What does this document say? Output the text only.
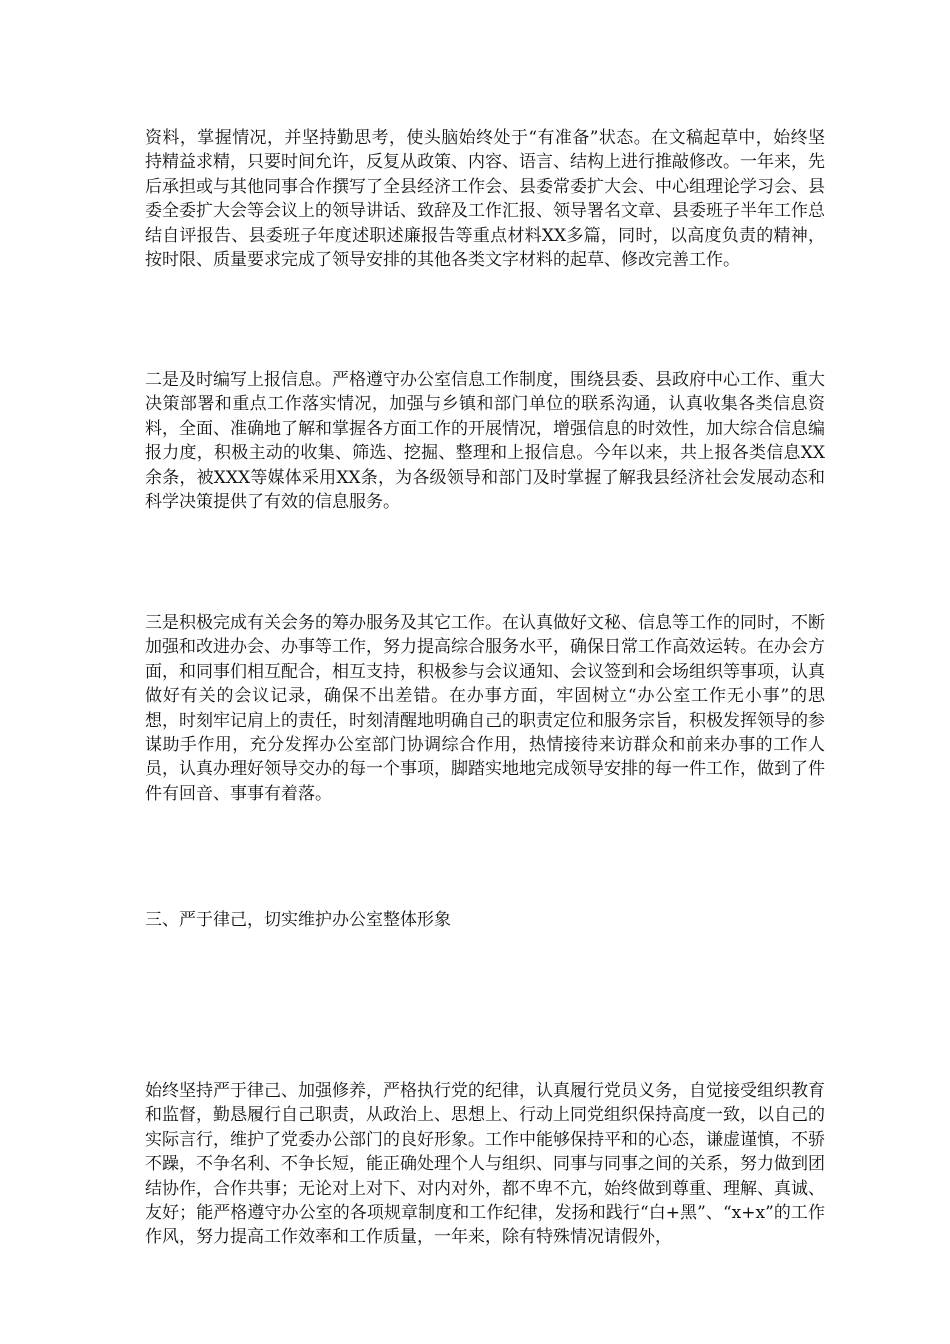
资料，掌握情况，并坚持勤思考，使头脑始终处于“有准备”状态。在文稿起草中，始终坚持精益求精，只要时间允许，反复从政策、内容、语言、结构上进行推敲修改。一年来，先后承担或与其他同事合作撰写了全县经济工作会、县委常委扩大会、中心组理论学习会、县委全委扩大会等会议上的领导讲话、致辞及工作汇报、领导署名文章、县委班子半年工作总结自评报告、县委班子年度述职述廉报告等重点材料XX多篇，同时，以高度负责的精神，按时限、质量要求完成了领导安排的其他各类文字材料的起草、修改完善工作。

二是及时编写上报信息。严格遵守办公室信息工作制度，围绕县委、县政府中心工作、重大决策部署和重点工作落实情况，加强与乡镇和部门单位的联系沟通，认真收集各类信息资料，全面、准确地了解和掌握各方面工作的开展情况，增强信息的时效性，加大综合信息编报力度，积极主动的收集、筛选、挖掘、整理和上报信息。今年以来，共上报各类信息XX余条，被XXX等媒体采用XX条，为各级领导和部门及时掌握了解我县经济社会发展动态和科学决策提供了有效的信息服务。

三是积极完成有关会务的筹办服务及其它工作。在认真做好文秘、信息等工作的同时，不断加强和改进办会、办事等工作，努力提高综合服务水平，确保日常工作高效运转。在办会方面，和同事们相互配合，相互支持，积极参与会议通知、会议签到和会场组织等事项，认真做好有关的会议记录，确保不出差错。在办事方面，牢固树立“办公室工作无小事”的思想，时刻牢记肩上的责任，时刻清醒地明确自己的职责定位和服务宗旨，积极发挥领导的参谋助手作用，充分发挥办公室部门协调综合作用，热情接待来访群众和前来办事的工作人员，认真办理好领导交办的每一个事项，脚踏实地地完成领导安排的每一件工作，做到了件件有回音、事事有着落。

三、严于律己，切实维护办公室整体形象

始终坚持严于律己、加强修养，严格执行党的纪律，认真履行党员义务，自觉接受组织教育和监督，勤恳履行自己职责，从政治上、思想上、行动上同党组织保持高度一致，以自己的实际言行，维护了党委办公部门的良好形象。工作中能够保持平和的心态，谦虚谨慎，不骄不躁，不争名利、不争长短，能正确处理个人与组织、同事与同事之间的关系，努力做到团结协作，合作共事；无论对上对下、对内对外，都不卑不亢，始终做到尊重、理解、真诚、友好；能严格遵守办公室的各项规章制度和工作纪律，发扬和践行“白+黑”、“x+x”的工作作风，努力提高工作效率和工作质量，一年来，除有特殊情况请假外，
